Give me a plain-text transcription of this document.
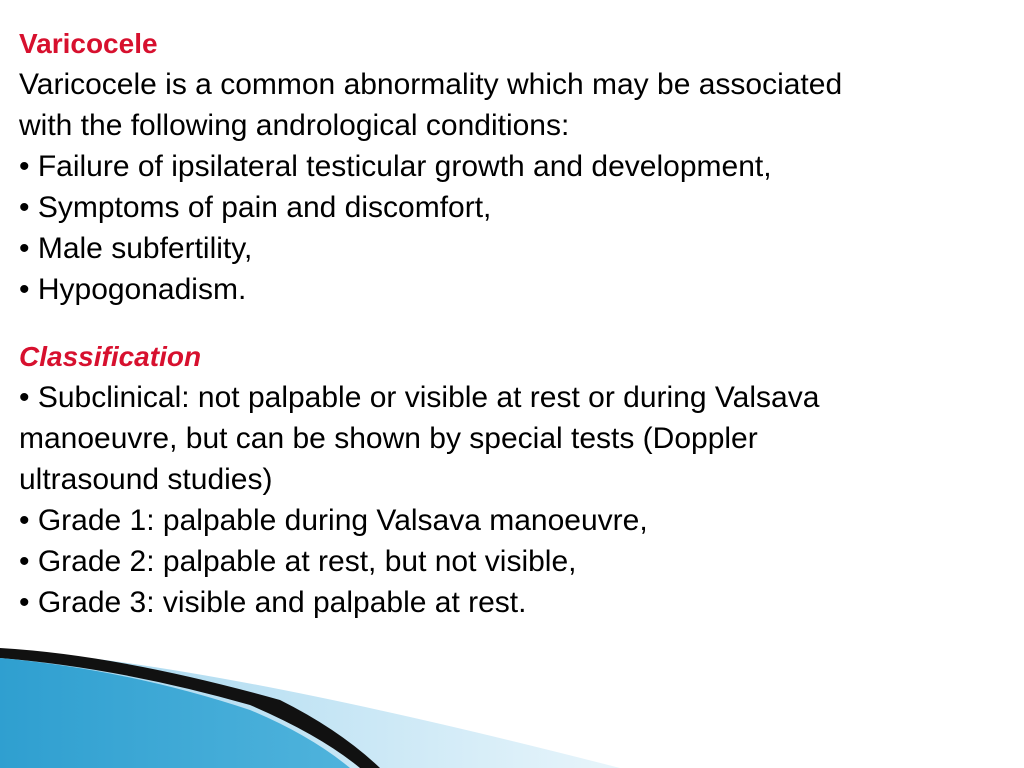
Varicocele

Varicocele is a common abnormality which may be associated

with the following andrological conditions:

• Failure of ipsilateral testicular growth and development,
• Symptoms of pain and discomfort,
• Male subfertility,
• Hypogonadism.
Classification
• Subclinical: not palpable or visible at rest or during Valsava
manoeuvre, but can be shown by special tests (Doppler
ultrasound studies)
• Grade 1: palpable during Valsava manoeuvre,
• Grade 2: palpable at rest, but not visible,
• Grade 3: visible and palpable at rest.
